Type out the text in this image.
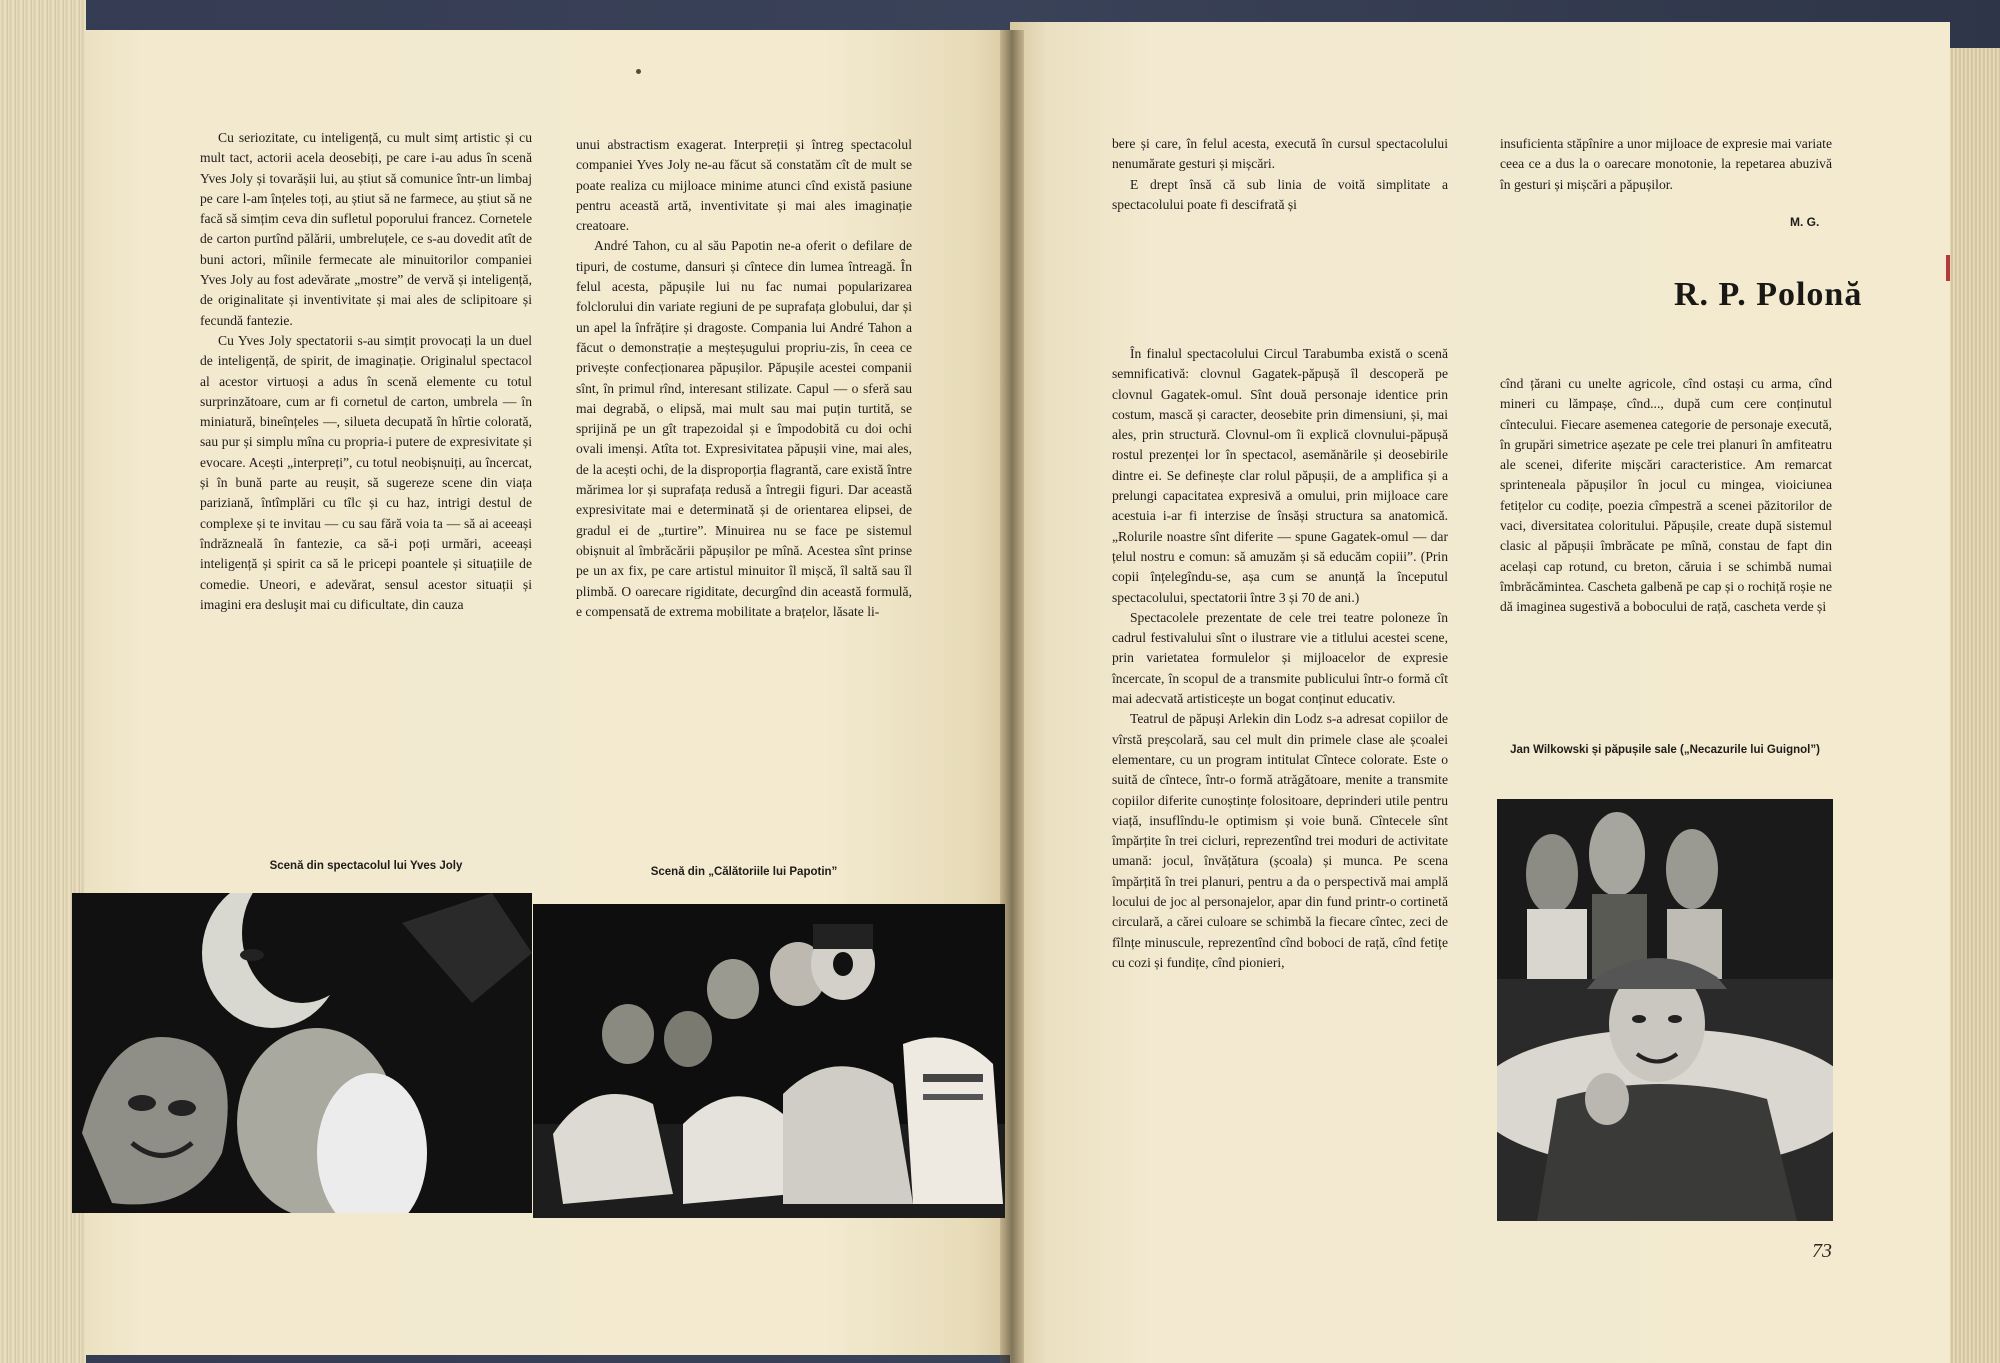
Cu seriozitate, cu inteligență, cu mult simț artistic și cu mult tact, actorii acela deosebiți, pe care i-au adus în scenă Yves Joly și tovarășii lui, au știut să comunice într-un limbaj pe care l-am înțeles toți, au știut să ne farmece, au știut să ne facă să simțim ceva din sufletul poporului francez. Cornetele de carton purtînd pălării, umbreluțele, ce s-au dovedit atît de buni actori, mîinile fermecate ale minuitorilor companiei Yves Joly au fost adevărate „mostre” de vervă și inteligență, de originalitate și inventivitate și mai ales de sclipitoare și fecundă fantezie.

Cu Yves Joly spectatorii s-au simțit provocați la un duel de inteligență, de spirit, de imaginație. Originalul spectacol al acestor virtuoși a adus în scenă elemente cu totul surprinzătoare, cum ar fi cornetul de carton, umbrela — în miniatură, bineînțeles —, silueta decupată în hîrtie colorată, sau pur și simplu mîna cu propria-i putere de expresivitate și evocare. Acești „interpreți”, cu totul neobișnuiți, au încercat, și în bună parte au reușit, să sugereze scene din viața pariziană, întîmplări cu tîlc și cu haz, intrigi destul de complexe și te invitau — cu sau fără voia ta — să ai aceeași îndrăzneală în fantezie, ca să-i poți urmări, aceeași inteligență și spirit ca să le pricepi poantele și situațiile de comedie. Uneori, e adevărat, sensul acestor situații și imagini era desluşit mai cu dificultate, din cauza

unui abstractism exagerat. Interpreții și întreg spectacolul companiei Yves Joly ne-au făcut să constatăm cît de mult se poate realiza cu mijloace minime atunci cînd există pasiune pentru această artă, inventivitate și mai ales imaginație creatoare.

André Tahon, cu al său Papotin ne-a oferit o defilare de tipuri, de costume, dansuri și cîntece din lumea întreagă. În felul acesta, păpușile lui nu fac numai popularizarea folclorului din variate regiuni de pe suprafața globului, dar și un apel la înfrățire și dragoste. Compania lui André Tahon a făcut o demonstrație a meșteșugului propriu-zis, în ceea ce privește confecționarea păpușilor. Păpușile acestei companii sînt, în primul rînd, interesant stilizate. Capul — o sferă sau mai degrabă, o elipsă, mai mult sau mai puțin turtită, se sprijină pe un gît trapezoidal și e împodobită cu doi ochi ovali imenși. Atîta tot. Expresivitatea păpușii vine, mai ales, de la acești ochi, de la disproporția flagrantă, care există între mărimea lor și suprafața redusă a întregii figuri. Dar această expresivitate mai e determinată și de orientarea elipsei, de gradul ei de „turtire”. Minuirea nu se face pe sistemul obișnuit al îmbrăcării păpușilor pe mînă. Acestea sînt prinse pe un ax fix, pe care artistul minuitor îl mișcă, îl saltă sau îl plimbă. O oarecare rigiditate, decurgînd din această formulă, e compensată de extrema mobilitate a brațelor, lăsate li-

Scenă din spectacolul lui Yves Joly	Scenă din „Călătoriile lui Papotin”

bere și care, în felul acesta, execută în cursul spectacolului nenumărate gesturi și mișcări.

E drept însă că sub linia de voită simplitate a spectacolului poate fi descifrată și

insuficienta stăpînire a unor mijloace de expresie mai variate ceea ce a dus la o oarecare monotonie, la repetarea abuzivă în gesturi și mișcări a păpușilor.

M. G.
R. P. Polonă

În finalul spectacolului Circul Tarabumba există o scenă semnificativă: clovnul Gagatek-păpușă îl descoperă pe clovnul Gagatek-omul. Sînt două personaje identice prin costum, mască și caracter, deosebite prin dimensiuni, și, mai ales, prin structură. Clovnul-om îi explică clovnului-păpușă rostul prezenței lor în spectacol, asemănările și deosebirile dintre ei. Se definește clar rolul păpușii, de a amplifica și a prelungi capacitatea expresivă a omului, prin mijloace care acestuia i-ar fi interzise de însăși structura sa anatomică. „Rolurile noastre sînt diferite — spune Gagatek-omul — dar țelul nostru e comun: să amuzăm și să educăm copiii”. (Prin copii înțelegîndu-se, așa cum se anunță la începutul spectacolului, spectatorii între 3 și 70 de ani.)

Spectacolele prezentate de cele trei teatre poloneze în cadrul festivalului sînt o ilustrare vie a titlului acestei scene, prin varietatea formulelor și mijloacelor de expresie încercate, în scopul de a transmite publicului într-o formă cît mai adecvată artisticește un bogat conținut educativ.

Teatrul de păpuși Arlekin din Lodz s-a adresat copiilor de vîrstă preșcolară, sau cel mult din primele clase ale școalei elementare, cu un program intitulat Cîntece colorate. Este o suită de cîntece, într-o formă atrăgătoare, menite a transmite copiilor diferite cunoștințe folositoare, deprinderi utile pentru viață, insuflîndu-le optimism și voie bună. Cîntecele sînt împărțite în trei cicluri, reprezentînd trei moduri de activitate umană: jocul, învățătura (școala) și munca. Pe scena împărțită în trei planuri, pentru a da o perspectivă mai amplă locului de joc al personajelor, apar din fund printr-o cortinetă circulară, a cărei culoare se schimbă la fiecare cîntec, zeci de fîlnțe minuscule, reprezentînd cînd boboci de rață, cînd fetițe cu cozi și fundițe, cînd pionieri,

cînd țărani cu unelte agricole, cînd ostași cu arma, cînd mineri cu lămpașe, cînd..., după cum cere conținutul cîntecului. Fiecare asemenea categorie de personaje execută, în grupări simetrice așezate pe cele trei planuri în amfiteatru ale scenei, diferite mișcări caracteristice. Am remarcat sprinteneala păpușilor în jocul cu mingea, vioiciunea fetițelor cu codițe, poezia cîmpestră a scenei păzitorilor de vaci, diversitatea coloritului. Păpușile, create după sistemul clasic al păpușii îmbrăcate pe mînă, constau de fapt din același cap rotund, cu breton, căruia i se schimbă numai îmbrăcămintea. Cascheta galbenă pe cap și o rochiță roșie ne dă imaginea sugestivă a bobocului de rață, cascheta verde și

Jan Wilkowski și păpușile sale („Necazurile lui Guignol”)
73
